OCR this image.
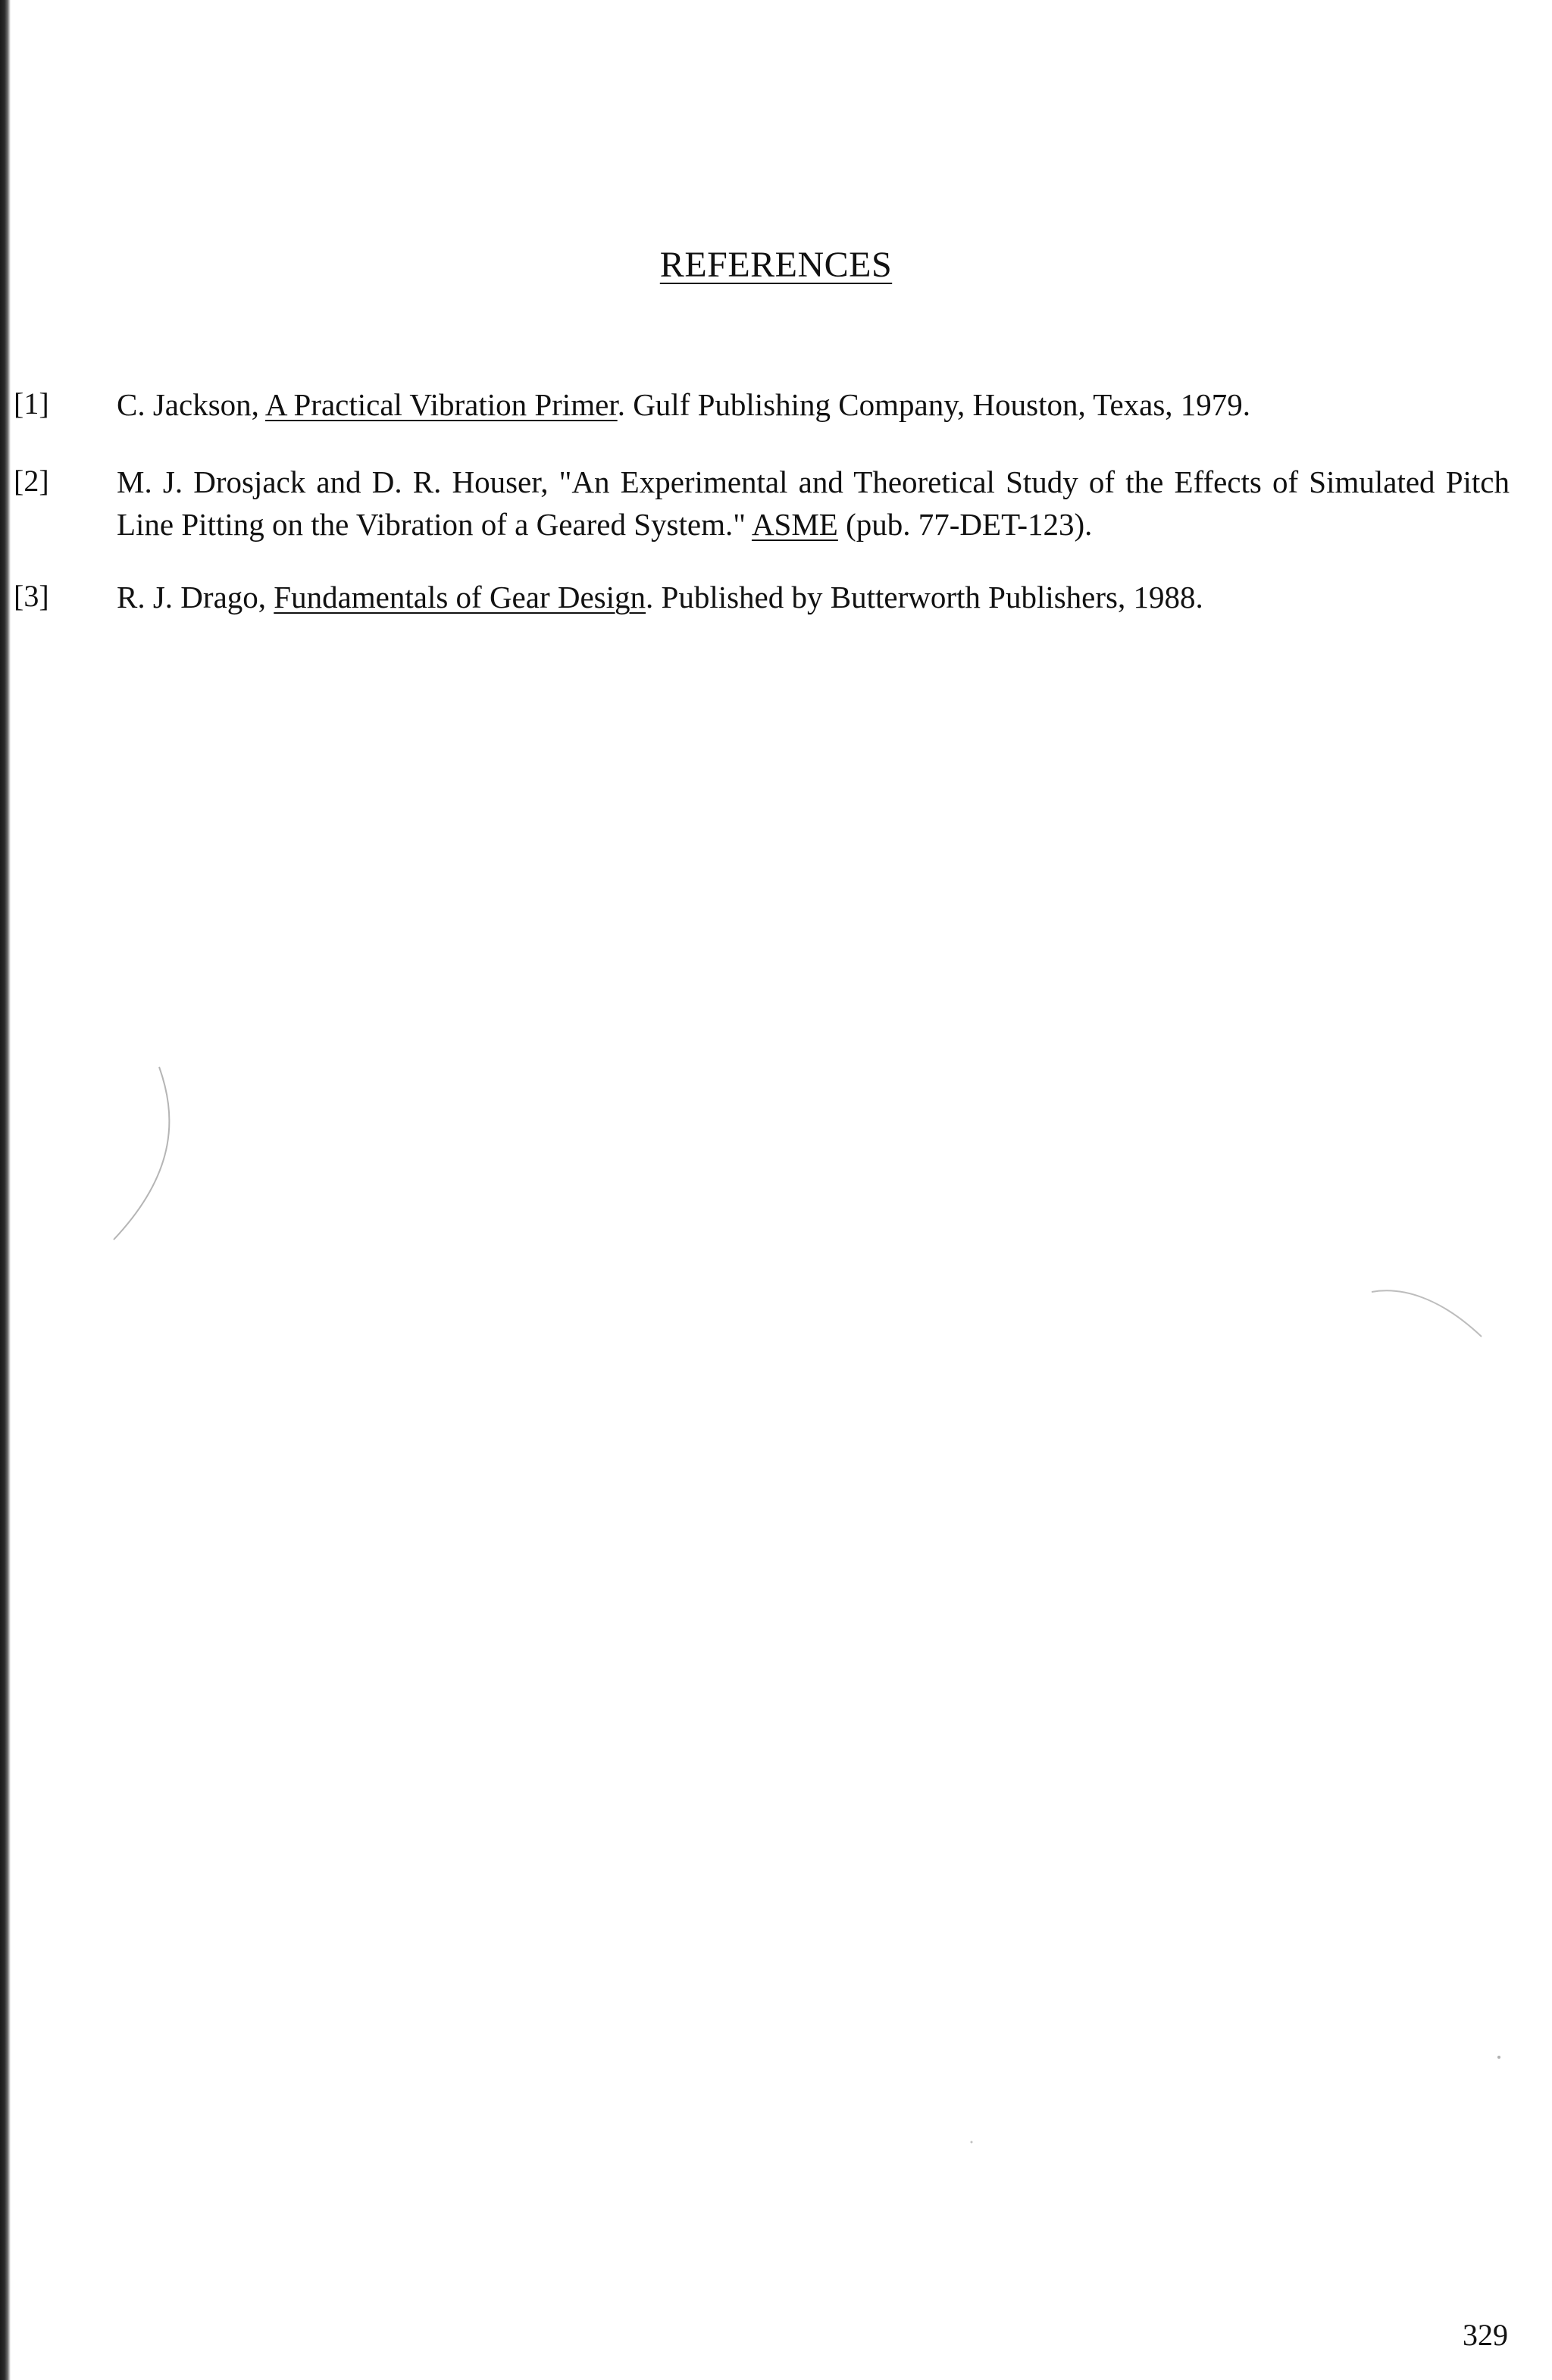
REFERENCES
[1] C. Jackson, A Practical Vibration Primer. Gulf Publishing Company, Houston, Texas, 1979.
[2] M. J. Drosjack and D. R. Houser, "An Experimental and Theoretical Study of the Effects of Simulated Pitch Line Pitting on the Vibration of a Geared System." ASME (pub. 77-DET-123).
[3] R. J. Drago, Fundamentals of Gear Design. Published by Butterworth Publishers, 1988.
329
